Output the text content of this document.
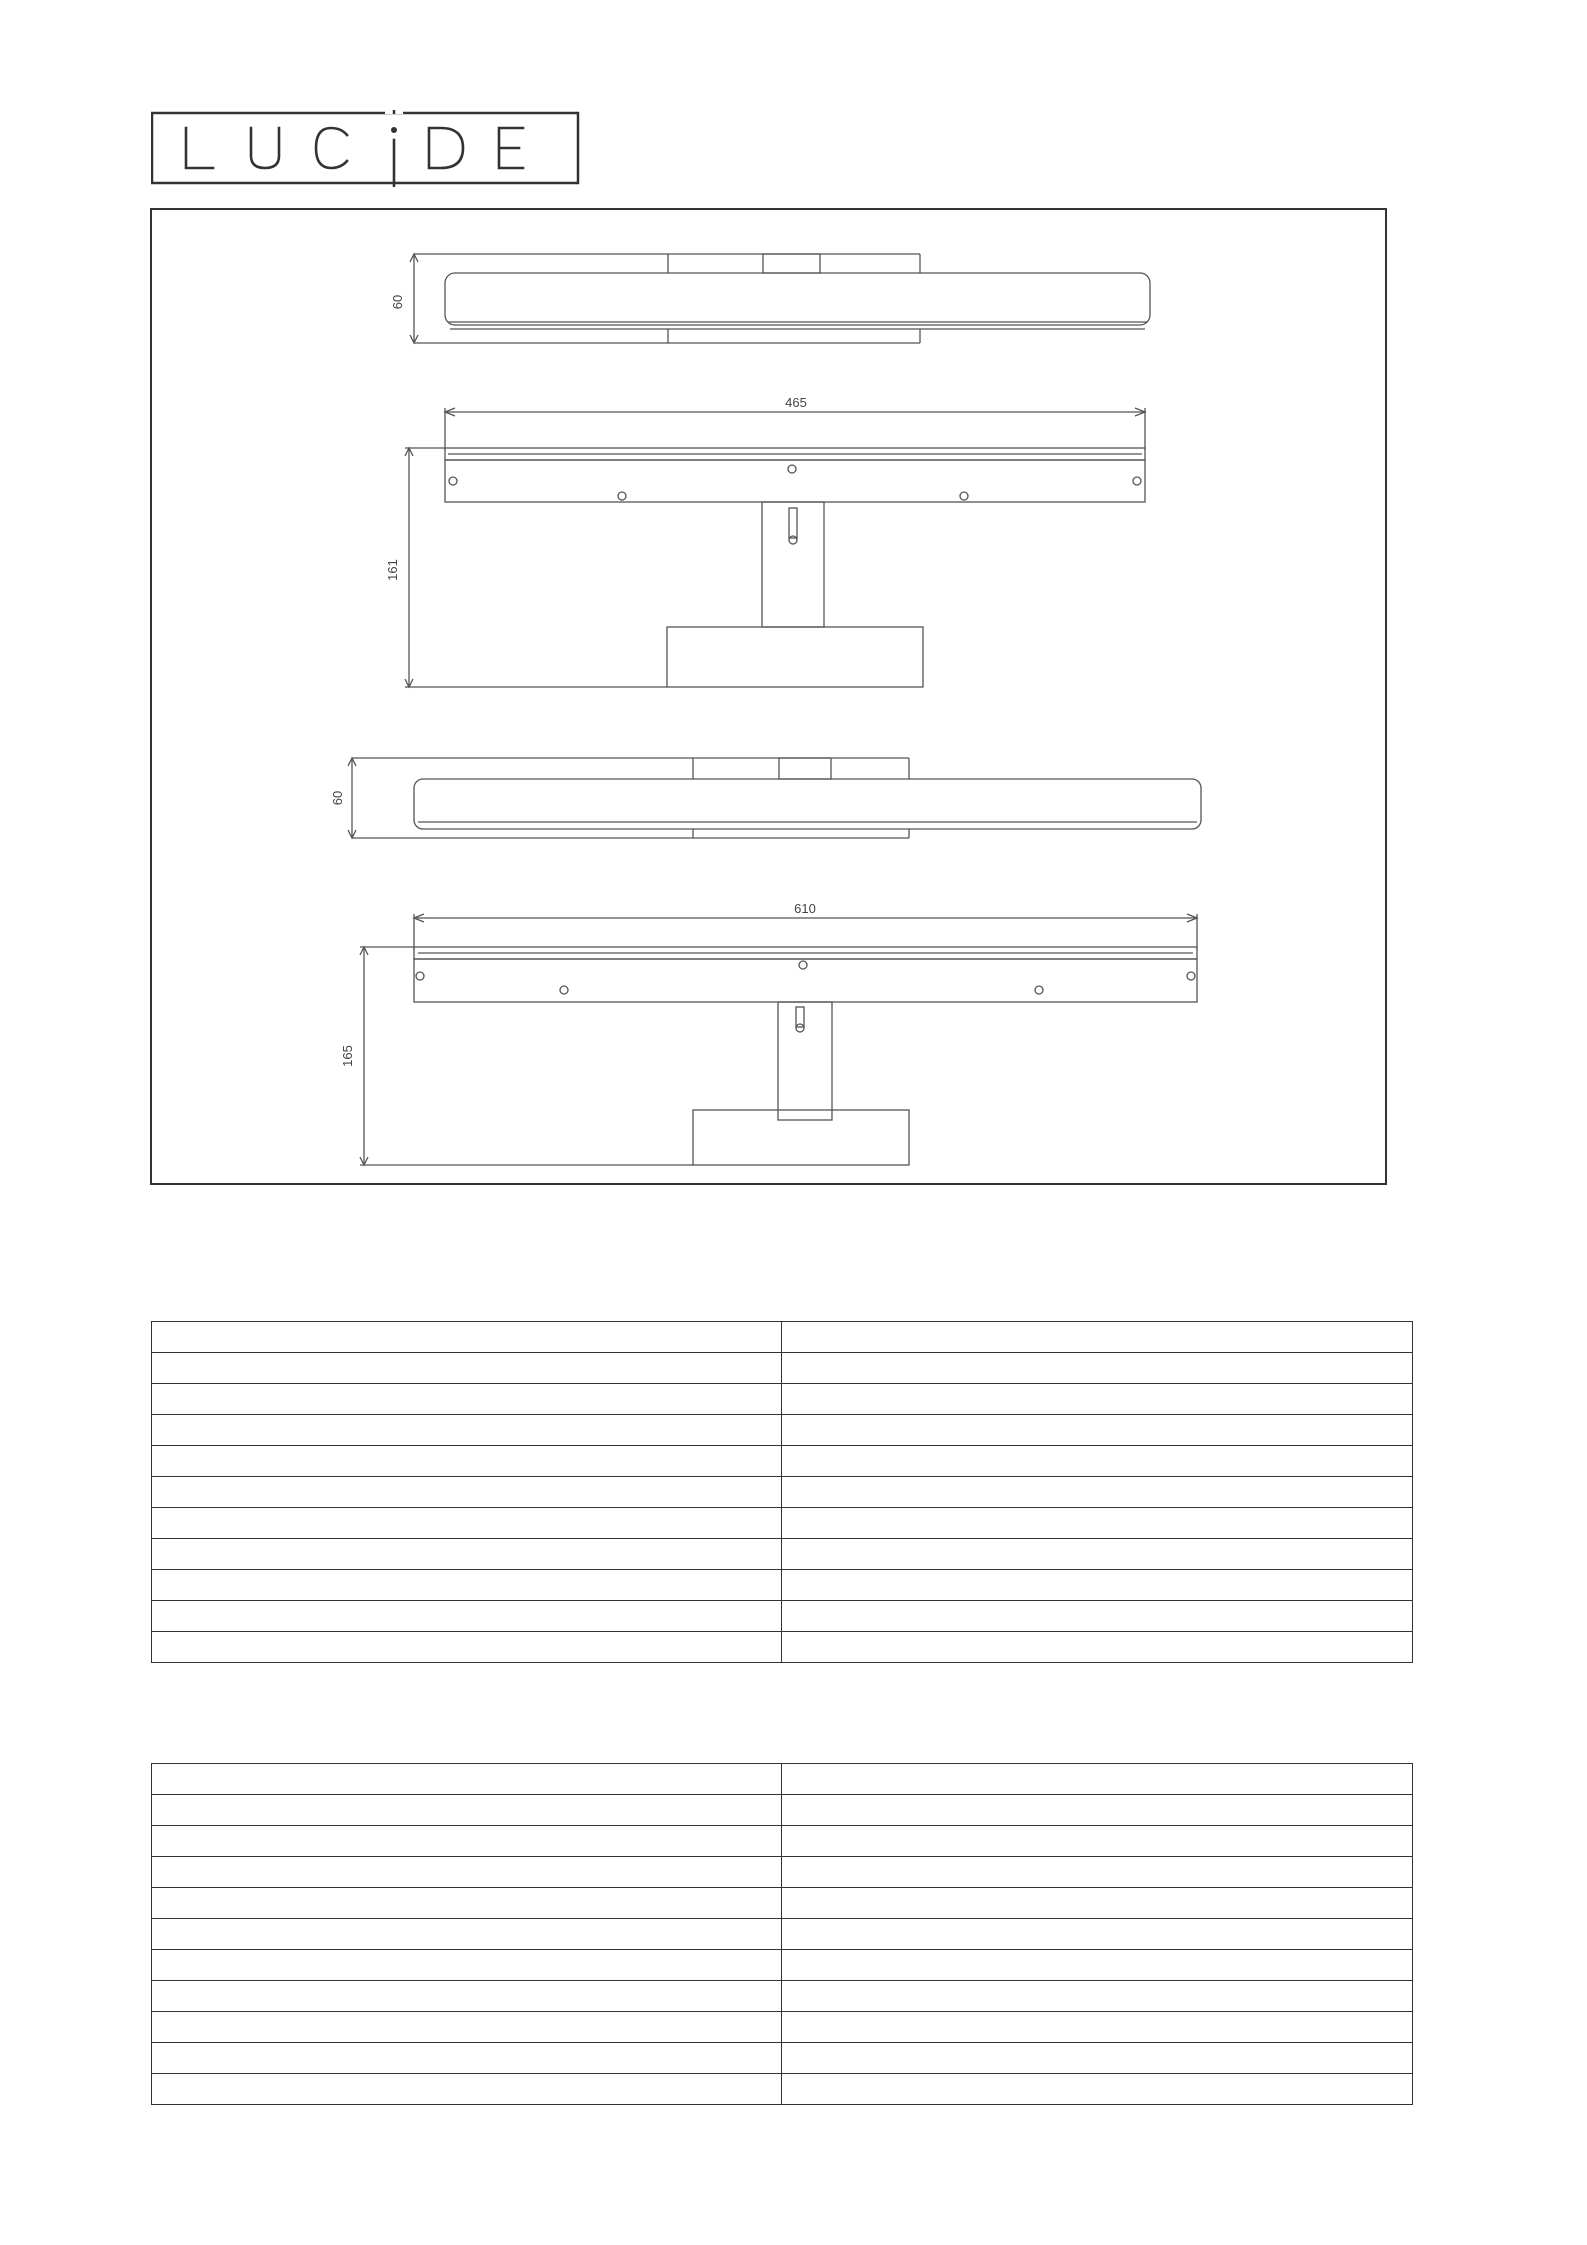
60
465
161
60
610
165
